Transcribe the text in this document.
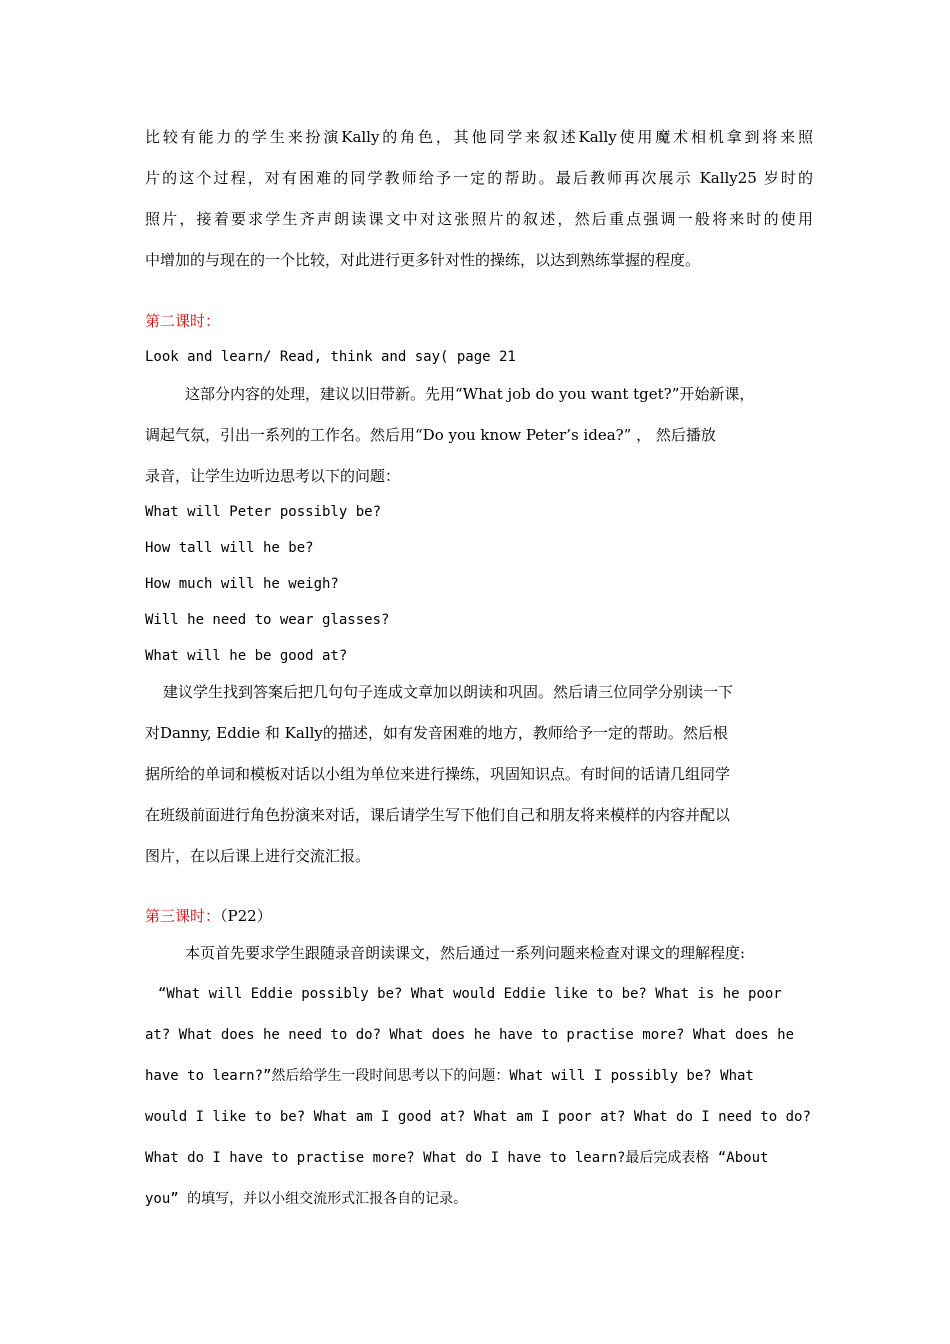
比较有能力的学生来扮演Kally的角色，其他同学来叙述Kally使用魔术相机拿到将来照
片的这个过程，对有困难的同学教师给予一定的帮助。最后教师再次展示 Kally25 岁时的
照片，接着要求学生齐声朗读课文中对这张照片的叙述，然后重点强调一般将来时的使用
中增加的与现在的一个比较，对此进行更多针对性的操练，以达到熟练掌握的程度。
第二课时：
Look and learn/ Read, think and say( page 21
这部分内容的处理，建议以旧带新。先用“What job do you want tget?”开始新课，
调起气氛，引出一系列的工作名。然后用“Do you know Peter’s idea?” ， 然后播放
录音，让学生边听边思考以下的问题：
What will Peter possibly be?
How tall will he be?
How much will he weigh?
Will he need to wear glasses?
What will he be good at?
建议学生找到答案后把几句句子连成文章加以朗读和巩固。然后请三位同学分别读一下
对Danny, Eddie 和 Kally的描述，如有发音困难的地方，教师给予一定的帮助。然后根
据所给的单词和模板对话以小组为单位来进行操练，巩固知识点。有时间的话请几组同学
在班级前面进行角色扮演来对话，课后请学生写下他们自己和朋友将来模样的内容并配以
图片，在以后课上进行交流汇报。
第三课时：（P22）
本页首先要求学生跟随录音朗读课文，然后通过一系列问题来检查对课文的理解程度:
“What will Eddie possibly be? What would Eddie like to be? What is he poor
at? What does he need to do? What does he have to practise more? What does he
have to learn?”然后给学生一段时间思考以下的问题：What will I possibly be? What
would I like to be? What am I good at? What am I poor at? What do I need to do?
What do I have to practise more? What do I have to learn?最后完成表格 “About
you” 的填写，并以小组交流形式汇报各自的记录。
